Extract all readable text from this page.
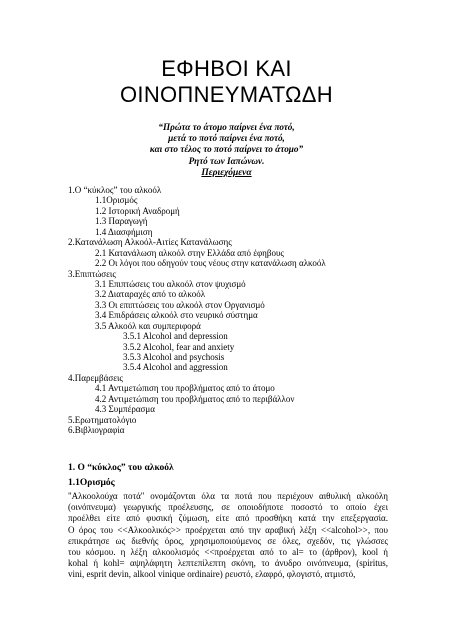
ΕΦΗΒΟΙ ΚΑΙ
ΟΙΝΟΠΝΕΥΜΑΤΩΔΗ
“Πρώτα το άτομο παίρνει ένα ποτό,
μετά το ποτό παίρνει ένα ποτό,
και στο τέλος το ποτό παίρνει το άτομο”
Ρητό των Ιαπώνων.
Περιεχόμενα
1.Ο “κύκλος” του αλκοόλ
1.1Ορισμός
1.2 Ιστορική Αναδρομή
1.3 Παραγωγή
1.4 Διασφήμιση
2.Κατανάλωση Αλκοόλ-Αιτίες Κατανάλωσης
2.1 Κατανάλωση αλκοόλ στην Ελλάδα από έφηβους
2.2 Οι λόγοι που οδηγούν τους νέους στην κατανάλωση αλκοόλ
3.Επιπτώσεις
3.1 Επιπτώσεις του αλκοόλ στον ψυχισμό
3.2 Διαταραχές από το αλκοόλ
3.3 Οι επιπτώσεις του αλκοόλ στον Οργανισμό
3.4 Επιδράσεις αλκοόλ στο νευρικό σύστημα
3.5 Αλκοόλ και συμπεριφορά
3.5.1 Alcohol and depression
3.5.2 Alcohol, fear and anxiety
3.5.3 Alcohol and psychosis
3.5.4 Alcohol and aggression
4.Παρεμβάσεις
4.1 Αντιμετώπιση του προβλήματος από το άτομο
4.2 Αντιμετώπιση του προβλήματος από το περιβάλλον
4.3 Συμπέρασμα
5.Ερωτηματολόγιο
6.Βιβλιογραφία
1. Ο “κύκλος” του αλκοόλ
1.1Ορισμός
"Αλκοολούχα ποτά" ονομάζονται όλα τα ποτά που περιέχουν αιθυλική αλκοόλη
(οινόπνευμα) γεωργικής προέλευσης, σε οποιοδήποτε ποσοστό το οποίο έχει
προέλθει είτε από φυσική ζύμωση, είτε από προσθήκη κατά την επεξεργασία.
Ο όρος του <<Αλκοολικός>> προέρχεται από την αραβική λέξη <<alcohol>>, που
επικράτησε ως διεθνής όρος, χρησιμοποιούμενος σε όλες, σχεδόν, τις γλώσσες
του κόσμου. η λέξη αλκοολισμός <<προέρχεται από το al= το (άρθρον), kool ή
kohal ή kohl= αψηλάφητη λεπτεπίλεπτη σκόνη, το άνυδρο οινόπνευμα, (spiritus,
vini, esprit devin, alkool vinique ordinaire) ρευστό, ελαφρό, φλογιστό, ατμιστό,
